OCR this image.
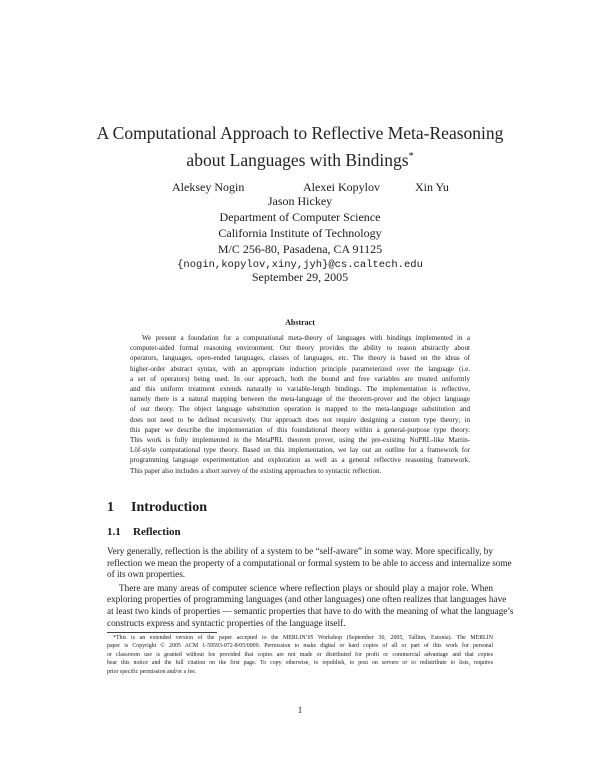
A Computational Approach to Reflective Meta-Reasoning
about Languages with Bindings*
Aleksey Nogin	Alexei Kopylov	Xin Yu
Jason Hickey
Department of Computer Science
California Institute of Technology
M/C 256-80, Pasadena, CA 91125
{nogin,kopylov,xiny,jyh}@cs.caltech.edu
September 29, 2005
Abstract
We present a foundation for a computational meta-theory of languages with bindings implemented in a
computer-aided formal reasoning environment. Our theory provides the ability to reason abstractly about
operators, languages, open-ended languages, classes of languages, etc. The theory is based on the ideas of
higher-order abstract syntax, with an appropriate induction principle parameterized over the language (i.e.
a set of operators) being used. In our approach, both the bound and free variables are treated uniformly
and this uniform treatment extends naturally to variable-length bindings. The implementation is reflective,
namely there is a natural mapping between the meta-language of the theorem-prover and the object language
of our theory. The object language substitution operation is mapped to the meta-language substitution and
does not need to be defined recursively. Our approach does not require designing a custom type theory; in
this paper we describe the implementation of this foundational theory within a general-purpose type theory.
This work is fully implemented in the MetaPRL theorem prover, using the pre-existing NuPRL-like Martin-
Löf-style computational type theory. Based on this implementation, we lay out an outline for a framework for
programming language experimentation and exploration as well as a general reflective reasoning framework.
This paper also includes a short survey of the existing approaches to syntactic reflection.
1 Introduction
1.1 Reflection
Very generally, reflection is the ability of a system to be “self-aware” in some way. More specifically, by
reflection we mean the property of a computational or formal system to be able to access and internalize some
of its own properties.
There are many areas of computer science where reflection plays or should play a major role. When
exploring properties of programming languages (and other languages) one often realizes that languages have
at least two kinds of properties — semantic properties that have to do with the meaning of what the language’s
constructs express and syntactic properties of the language itself.
*This is an extended version of the paper accepted to the MERLIN’05 Workshop (September 30, 2005, Tallinn, Estonia). The MERLIN
paper is Copyright © 2005 ACM 1-59593-072-8/05/0009. Permission to make digital or hard copies of all or part of this work for personal
or classroom use is granted without fee provided that copies are not made or distributed for profit or commercial advantage and that copies
bear this notice and the full citation on the first page. To copy otherwise, to republish, to post on servers or to redistribute to lists, requires
prior specific permission and/or a fee.
1
